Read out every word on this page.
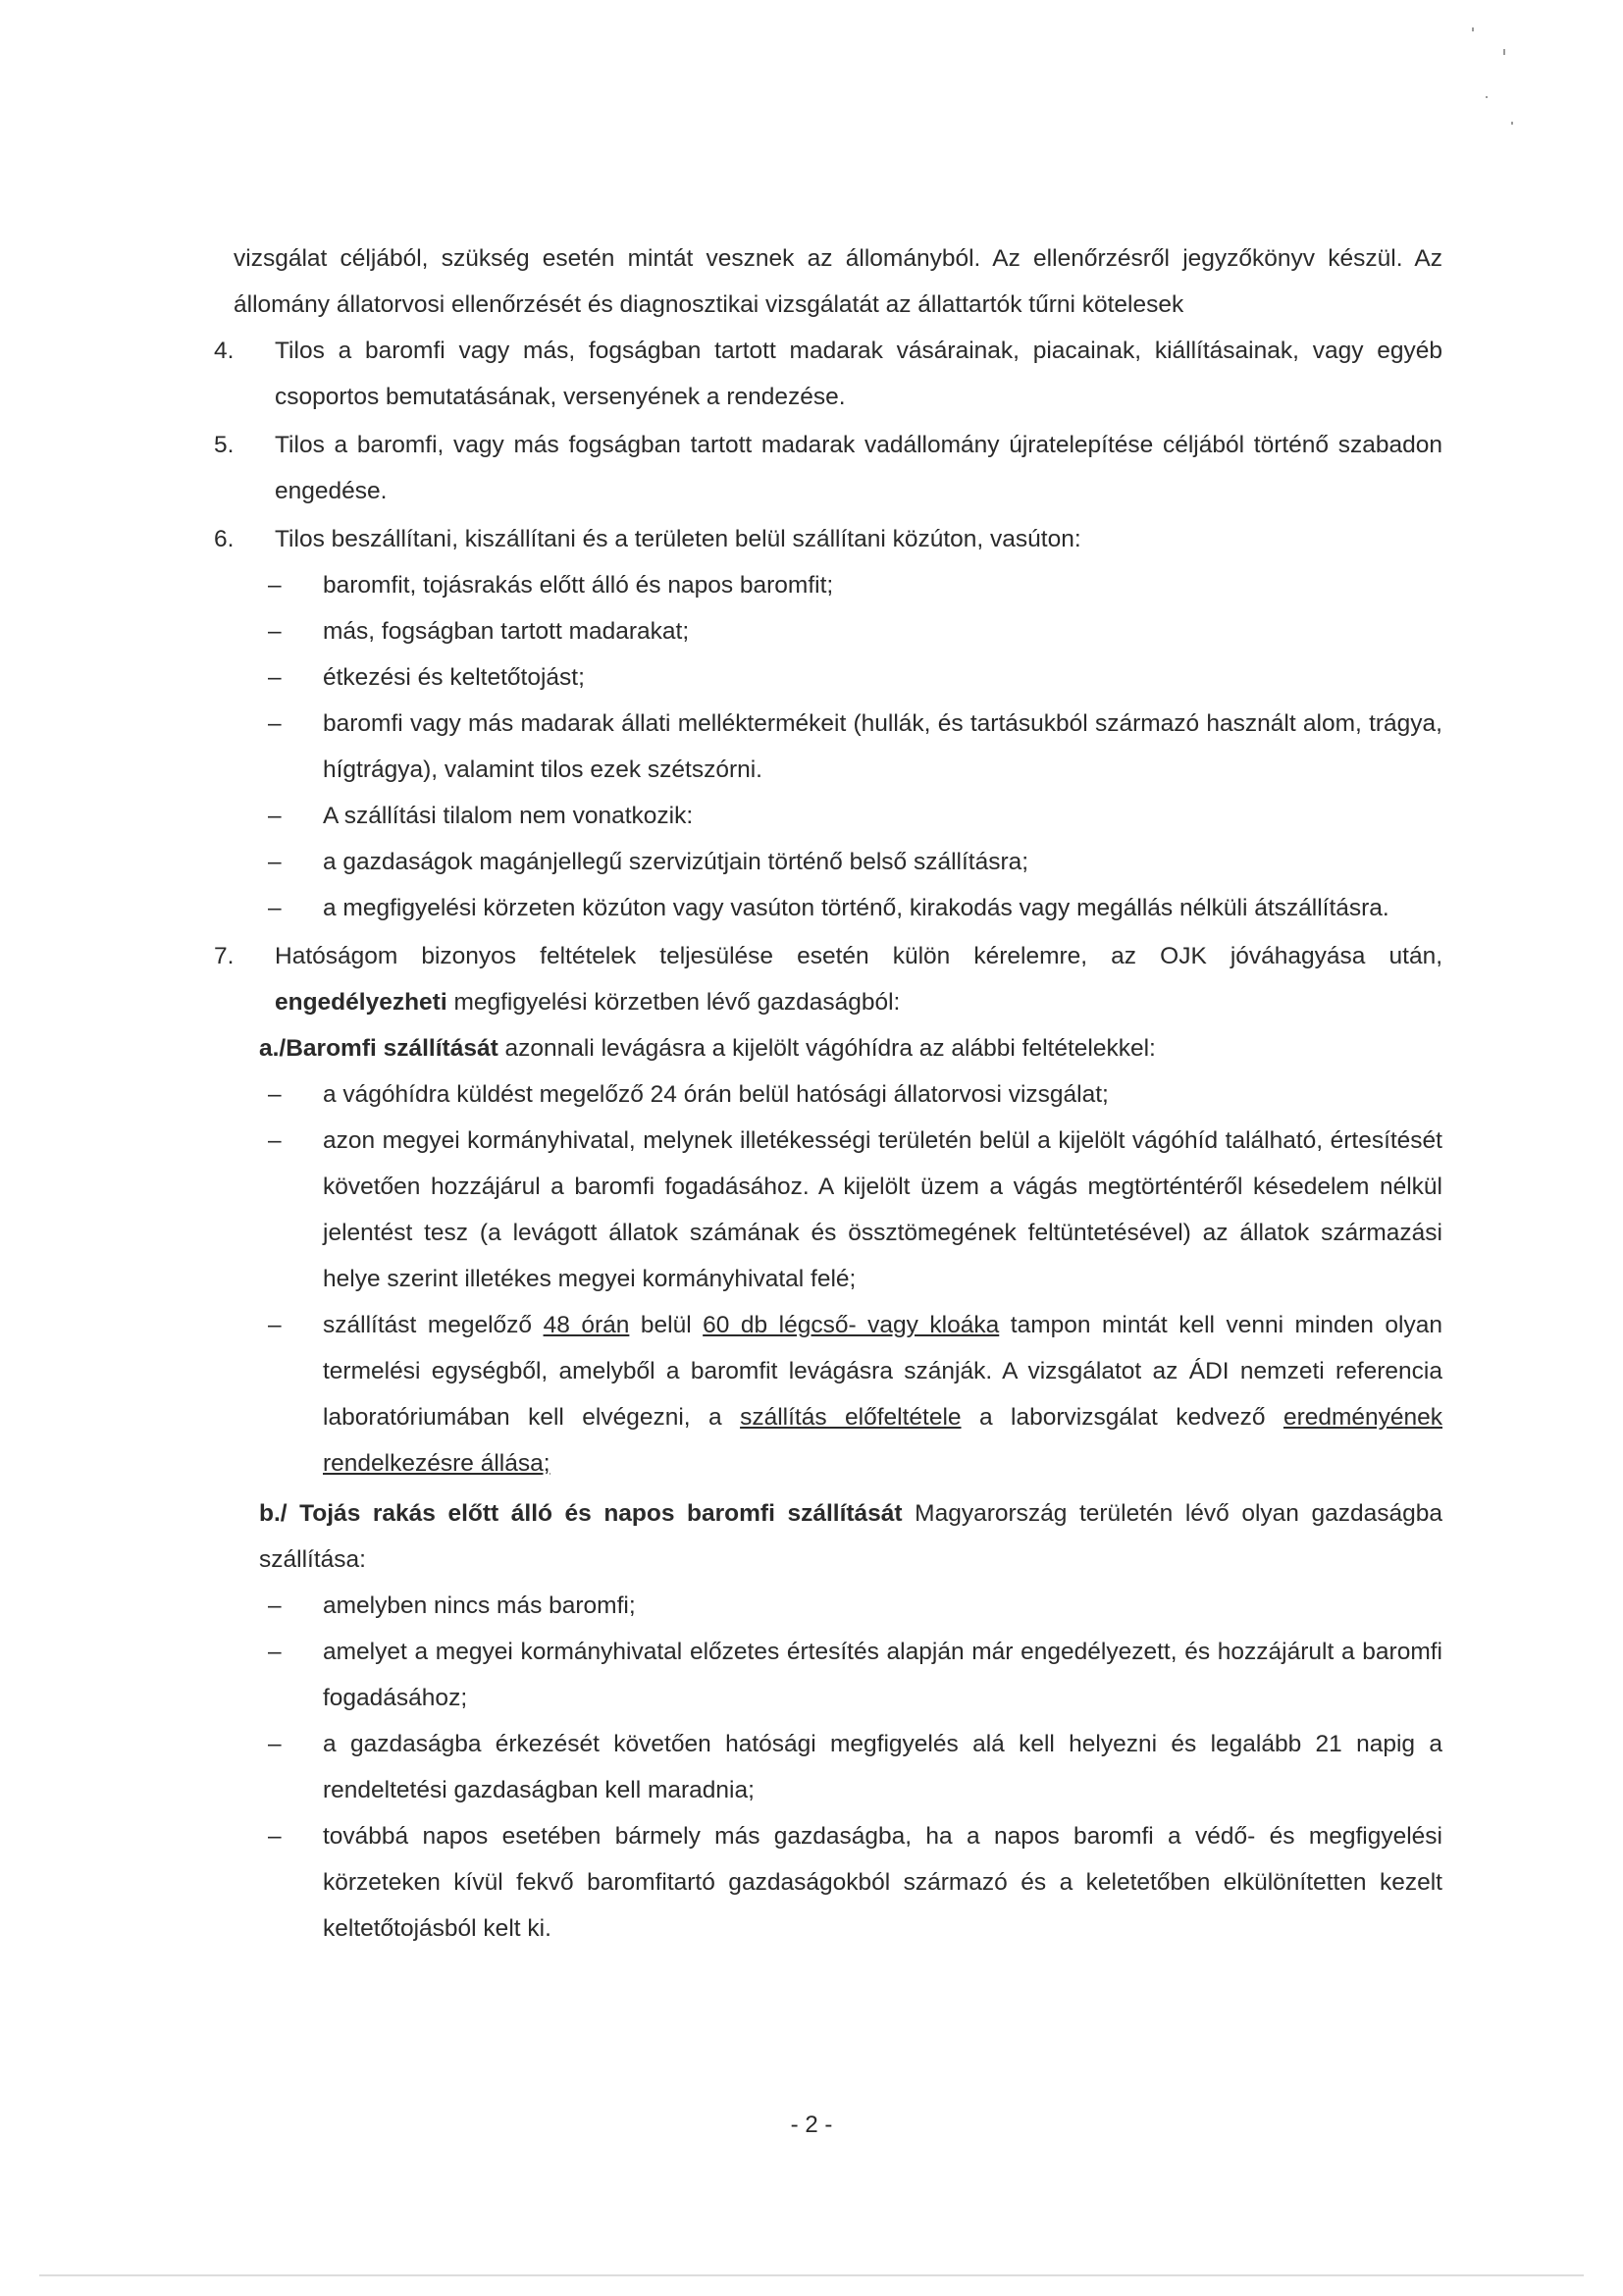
vizsgálat céljából, szükség esetén mintát vesznek az állományból. Az ellenőrzésről jegyzőkönyv készül. Az állomány állatorvosi ellenőrzését és diagnosztikai vizsgálatát az állattartók tűrni kötelesek
4. Tilos a baromfi vagy más, fogságban tartott madarak vásárainak, piacainak, kiállításainak, vagy egyéb csoportos bemutatásának, versenyének a rendezése.
5. Tilos a baromfi, vagy más fogságban tartott madarak vadállomány újratelepítése céljából történő szabadon engedése.
6. Tilos beszállítani, kiszállítani és a területen belül szállítani közúton, vasúton:
– baromfit, tojásrakás előtt álló és napos baromfit;
– más, fogságban tartott madarakat;
– étkezési és keltetőtojást;
– baromfi vagy más madarak állati melléktermékeit (hullák, és tartásukból származó használt alom, trágya, hígtrágya), valamint tilos ezek szétszórni.
– A szállítási tilalom nem vonatkozik:
– a gazdaságok magánjellegű szervizútjain történő belső szállításra;
– a megfigyelési körzeten közúton vagy vasúton történő, kirakodás vagy megállás nélküli átszállításra.
7. Hatóságom bizonyos feltételek teljesülése esetén külön kérelemre, az OJK jóváhagyása után, engedélyezheti megfigyelési körzetben lévő gazdaságból:
a./Baromfi szállítását azonnali levágásra a kijelölt vágóhídra az alábbi feltételekkel:
– a vágóhídra küldést megelőző 24 órán belül hatósági állatorvosi vizsgálat;
– azon megyei kormányhivatal, melynek illetékességi területén belül a kijelölt vágóhíd található, értesítését követően hozzájárul a baromfi fogadásához. A kijelölt üzem a vágás megtörténtéről késedelem nélkül jelentést tesz (a levágott állatok számának és össztömegének feltüntetésével) az állatok származási helye szerint illetékes megyei kormányhivatal felé;
– szállítást megelőző 48 órán belül 60 db légcső- vagy kloáka tampon mintát kell venni minden olyan termelési egységből, amelyből a baromfit levágásra szánják. A vizsgálatot az ÁDI nemzeti referencia laboratóriumában kell elvégezni, a szállítás előfeltétele a laborvizsgálat kedvező eredményének rendelkezésre állása;
b./ Tojás rakás előtt álló és napos baromfi szállítását Magyarország területén lévő olyan gazdaságba szállítása:
– amelyben nincs más baromfi;
– amelyet a megyei kormányhivatal előzetes értesítés alapján már engedélyezett, és hozzájárult a baromfi fogadásához;
– a gazdaságba érkezését követően hatósági megfigyelés alá kell helyezni és legalább 21 napig a rendeltetési gazdaságban kell maradnia;
– továbbá napos esetében bármely más gazdaságba, ha a napos baromfi a védő- és megfigyelési körzeteken kívül fekvő baromfitartó gazdaságokból származó és a keletetőben elkülönítetten kezelt keltetőtojásból kelt ki.
- 2 -
